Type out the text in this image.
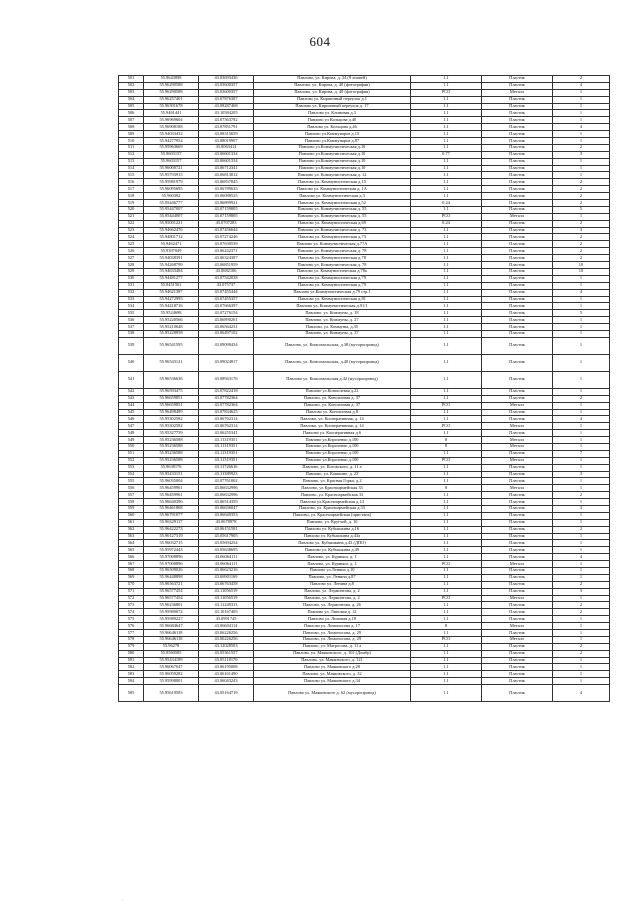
604
501	55.9643898	43.03693436	Павлово, ул. Кирова, д. 34 (9 этажей)	1.1	Пластик	2
502	55.96290588	43.03600357	Павлово, ул. Кирова, д. 40 (фотографии)	1.1	Пластик	4
503	55.96290588	43.03600357	Павлово, ул. Кирова, д. 40 (фотография)	РСО	Металл	1
504	55.96257401	43.07876387	Павлово ул. Кирпичный переулок д.1	1.1	Пластик	1
505	55.96391678	43.08287468	Павлово ул. Кирпичный переулок д. 17	1.1	Пластик	1
506	55.9461441	43.10584205	Павлово ул. Клиновая д.3	1.1	Пластик	1
507	55.96969604	43.07563782	Павлово ул Кольцова д.40	1.1	Пластик	1
508	55.96908188	43.07851791	Павлово ул. Кольцова д.46	1.1	Пластик	4
509	55.94033432	43.08315659	Павлово ул.Коммунаров д.15	1.1	Пластик	1
510	55.94277954	43.08019907	Павлово ул.Коммунаров д.87	1.1	Пластик	1
511	55.95963669	43.0063414	Павлово ул.Коммунистическая д.10	1.1	Пластик	2
512	55.9603157	43.06601334	Павлово ул.Коммунистическая д.10	0.77	Пластик	3
513	55.9603157	43.06601334	Павлово ул.Коммунистическая д.10	1.1	Пластик	1
514	55.96000721	43.06712341	Павлово ул.Коммунистическая д.10	1.1	Пластик	1
515	55.95793915	43.06813812	Павлово ул. Коммунистическая д. 12	1.1	Пластик	1
516	55.95981979	43.06837845	Павлово ул. Коммунистическая д.15	1.1	Пластик	2
517	55.96095695	43.06789635	Павлово ул. Коммунистическая д. 1А	1.1	Пластик	2
518	55.960392	43.06088525	Павлово ул. Коммунистическая д.3	1.1	Пластик	2
519	55.95446777	43.06899921	Павлово ул. Коммунистическая д.52	0.24	Пластик	2
520	55.95447007	43.07159805	Павлово ул. Коммунистическая д. 55	1.1	Пластик	5
521	55.95444007	43.07159805	Павлово ул. Коммунистическая д. 55	РСО	Металл	1
522	55.95001221	43.0707283	Павлово ул. Коммунистическая д.69	0.24	Пластик	2
523	55.94662476	43.07456644	Павлово ул. Коммунистическая д. 73	1.1	Пластик	3
524	55.94801712	43.07274246	Павлово ул. Коммунистическая д.73	1.1	Пластик	2
525	55.9462471	43.07630539	Павлово ул. Коммунистическая д.77А	1.1	Пластик	2
526	55.9397049	43.06242371	Павлово ул. Коммунистическая д. 78	1.1	Пластик	2
527	55.94038391	43.06324387	Павлово ул. Коммунистическая д.78	1.1	Пластик	2
528	55.94268799	43.06851959	Павлово ул. Коммунистическая д. 78	1.1	Пластик	10
529	55.94633484	43.0682106	Павлово ул. Коммунистическая д.78а	1.1	Пластик	10
530	55.94481277	43.07542038	Павлово ул. Коммунистическая д.79	1.1	Пластик	1
531	55.9451561	43.075737	Павлово ул. Коммунистическая д.79	1.1	Пластик	1
532	55.94621387	43.07455444	Павлово ул.Коммунистическая д.79 стр.1	1.1	Пластик	4
533	55.94272995	43.07455357	Павлово ул. Коммунистическая д.81	1.1	Пластик	1
534	55.94418716	43.07666397	Павлово ул. Коммунистическая д.91/1	1.1	Пластик	1
535	55.9524698	43.07276154	Павлово, ул. Коммуны, д. 18	1.1	Пластик	5
536	55.95220566	43.06890261	Павлово, ул. Коммуны, д. 27	1.1	Пластик	1
537	55.95210648	43.06564231	Павлово, ул. Коммуны, д.35	1.1	Пластик	1
538	55.95228958	43.06497102	Павлово, ул. Коммуны, д. 37	1.1	Пластик	1
539	55.96541595	43.09098434	Павлово, ул. Комсомольская, д.38 (мусоропровод)	1.1	Пластик	1
540	55.96543121	43.09024817	Павлово, ул. Комсомольская, д.40 (мусоропровод)	1.1	Пластик	1
541	55.96536636	43.08943176	Павлово ул. Комсомольская д.42 (мусоропровод)	1.1	Пластик	1
542	55.96593475	43.07822418	Павлово ул.Коноплевая д.22	1.1	Пластик	1
543	55.96659851	43.07782364	Павлово, ул. Коноплевая д. 37	1.1	Пластик	2
544	55.96659851	43.07782364	Павлово, ул. Коноплевая д. 37	РСО	Металл	1
545	55.96498489	43.07834625	Павлово ул. Коноплевая д.8	1.1	Пластик	1
546	55.95302582	43.06762314	Павлово, ул. Кооперативная, д. 14	1.1	Пластик	4
547	55.95302582	43.06762314	Павлово, ул. Кооперативная, д. 14	РСО	Металл	1
548	55.95327759	43.06255341	Павлово ул. Кооперативная д.6	1.1	Пластик	1
549	55.95236588	43.11319351	Павлово ул.Короленко д.100	8	Металл	1
550	55.95236588	43.11319351	Павлово ул.Короленко д.100	8	Металл	1
551	55.95236588	43.11319351	Павлово ул.Короленко д.100	1.1	Пластик	7
552	55.95236588	43.11319351	Павлово ул.Короленко д.100	РСО	Металл	1
553	55.9638176	43.11726616	Павлово, ул. Котовского, д. 11 а	1.1	Пластик	1
554	55.95433151	43.11389923	Павлово, ул. Кошкино, д. 23	1.1	Пластик	3
555	55.96035004	43.07761002	Павлово, ул. Красная Горка, д.2	1.1	Пластик	1
556	55.96459961	43.06632996	Павлово, ул.Красноармейская 33	8	Металл	1
557	55.96459961	43.06632996	Павлово, ул. Красноармейская 33	1.1	Пластик	2
558	55.96640396	43.06514359	Павлово ул.Красноармейская д.14	1.1	Пластик	1
559	55.96461868	43.06636047	Павлово, ул. Красноармейская д.33	1.1	Пластик	3
560	55.96791077	43.06640353	Павлово, ул. Красноармейская (пристань)	1.1	Пластик	1
561	55.96329117	43.0678978	Павлово, ул. Круглой, д. 16	1.1	Пластик	1
562	55.96422273	43.06151581	Павлово ул. Кубышкина д.16	1.1	Пластик	2
563	55.96127319	43.05617905	Павлово ул. Кубышкина д.43а	1.1	Пластик	1
564	55.96032715	43.05694254	Павлово ул. Кубышкина д.43 (ДПО)	1.1	Пластик	1
565	55.95972443	43.05638695	Павлово ул. Кубышкина д.49	1.1	Пластик	1
566	55.97008896	43.06064111	Павлово, ул. Курмыш, д. 1	1.1	Пластик	4
567	55.97008896	43.06064111	Павлово, ул. Курмыш, д. 1	РСО	Металл	1
568	55.96509026	43.06623216	Павлово ул.Ленина д.10	1.1	Пластик	1
569	55.96448898	43.06901169	Павлово, ул. Ленина д.87	1.1	Пластик	1
570	55.96563721	43.06763458	Павлово ул. Ленина д.8	1.1	Пластик	2
571	55.96577454	43.11056519	Павлово, ул. Лермонтова, д. 2	1.1	Пластик	3
572	55.96577454	43.11056519	Павлово, ул. Лермонтова, д. 2	РСО	Металл	1
573	55.96236801	43.11249313	Павлово, ул. Лермонтова, д. 26	1.1	Пластик	2
574	55.95980072	43.10167405	Павлово ул. Липовая д. 12	1.1	Пластик	2
575	55.95989227	43.0991745	Павлово ул. Липовая д.18	1.1	Пластик	1
576	55.96684647	43.06604114	Павлово ул. Ломоносова д. 17	8	Металл	1
577	55.96646118	43.06226256	Павлово, ул. Ломоносова, д. 29	1.1	Пластик	1
578	55.96646118	43.06226256	Павлово, ул. Ломоносова, д. 29	РСО	Металл	1
579	55.96278	43.12028503	Павлово, ул. Матросова, д. 11 а	1.1	Пластик	2
580	55.9560585	43.05361557	Павлово, ул. Маяковского, д. 101 (Домбр)	1.1	Пластик	2
581	55.95434189	43.05118170	Павлово, ул. Маяковского, д. 121	1.1	Пластик	1
582	55.96067047	43.06195008	Павлово ул. Маяковского д.28	1.1	Пластик	1
583	55.96059282	43.06161490	Павлово, ул. Маяковского, д. 32	1.1	Пластик	1
584	55.95998001	43.06043243	Павлово ул. Маяковского д.34	1.1	Пластик	1
585	55.95619583	43.05164719	Павлово ул. Маяковского д. 62 (мусоропровод)	1.1	Пластик	4
.
